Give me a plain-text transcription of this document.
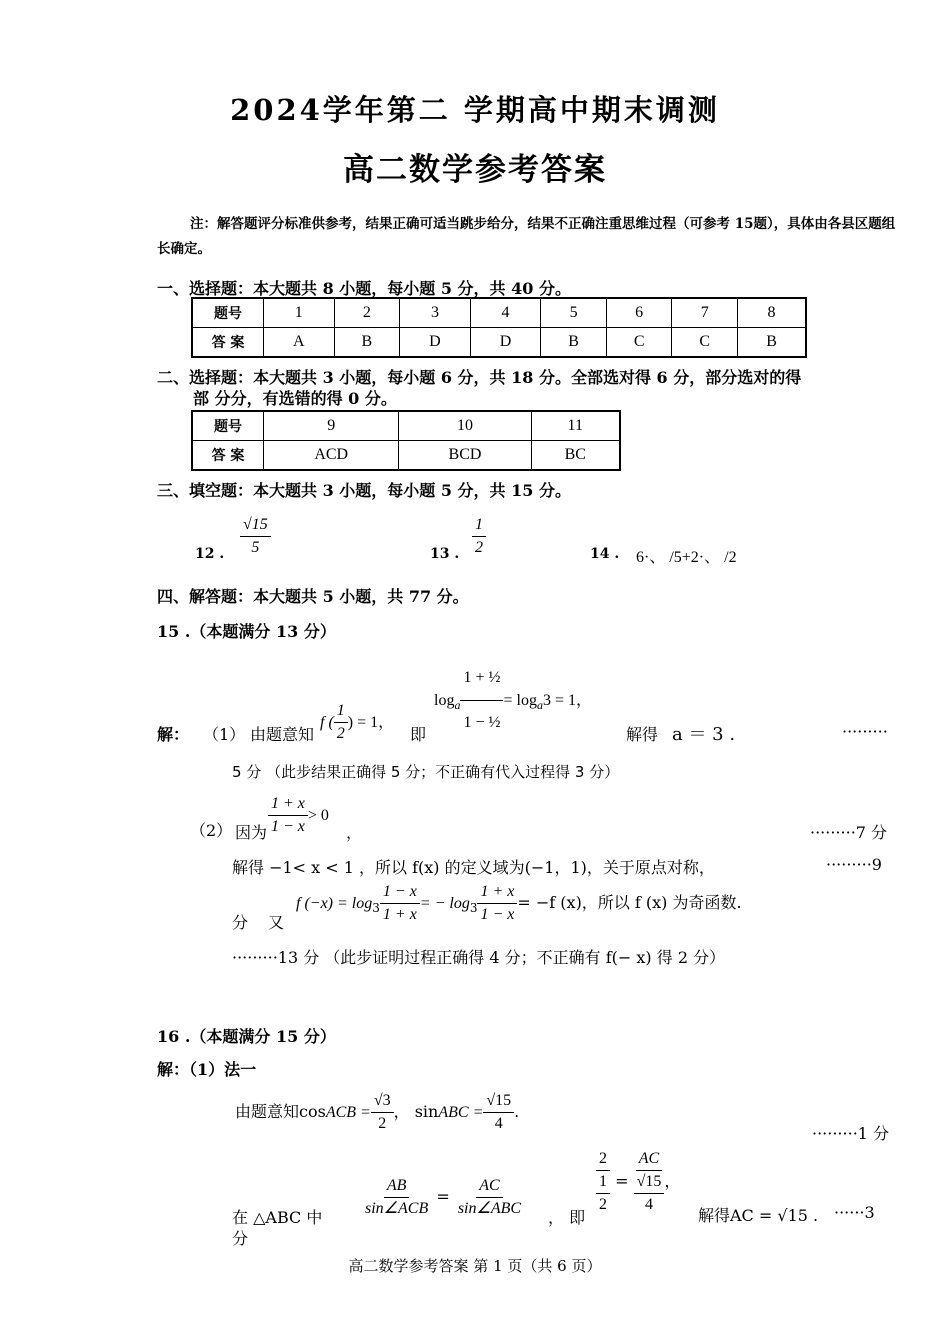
2024学年第二 学期高中期末调测
高二数学参考答案
注：解答题评分标准供参考，结果正确可适当跳步给分，结果不正确注重思维过程（可参考 15题），具体由各县区题组长确定。
一、选择题：本大题共 8 小题，每小题 5 分，共 40 分。
题号	1	2	3	4	5	6	7	8
答 案	A	B	D	D	B	C	C	B
二、选择题：本大题共 3 小题，每小题 6 分，共 18 分。全部选对得 6 分，部分选对的得
部 分分，有选错的得 0 分。
题号	9	10	11
答 案	ACD	BCD	BC
三、填空题：本大题共 3 小题，每小题 5 分，共 15 分。
12 . $\frac{√15}{5}$	13 . $\frac{1}{2}$	14 . 6·、 /5+2·、 /2
四、解答题：本大题共 5 小题，共 77 分。
15 .（本题满分 13 分）
解： （1） 由题意知
f ( $\frac{1}{2}$ ) = 1，
即
$\log_a \frac{\text{1 + ½}}{\text{1 − ½}} = \log_a3 = 1$，
解得 a ＝ 3 .	·········
5 分 （此步结果正确得 5 分；不正确有代入过程得 3 分）
（2） 因为 $\frac{1 + x}{1 - x} > 0$
，	·········7 分
解得 −1< x < 1 ，所以 f(x) 的定义域为(−1，1)，关于原点对称，	·········9
分 又
f $(-x) = \log_3 \frac{1 - x}{1 + x}$ = − $\log_3 \frac{1 + x}{1 - x} = -f$ (x)，所以 f (x) 为奇函数.
·········13 分 （此步证明过程正确得 4 分；不正确有 f(− x) 得 2 分）
16 .（本题满分 15 分）
解：（1）法一
由题意知cosACB = $\frac{√3}{2}$ ， sinABC = $\frac{√15}{4}$ .
·········1 分
在 △ABC 中 $\frac{AB}{\text{sin∠ACB}} = \frac{AC}{\text{sin∠ABC}}$ ， 即
2
1
2
=
AC
√15
4
，
解得AC = √15 . ······3
分
高二数学参考答案 第 1 页（共 6 页）
